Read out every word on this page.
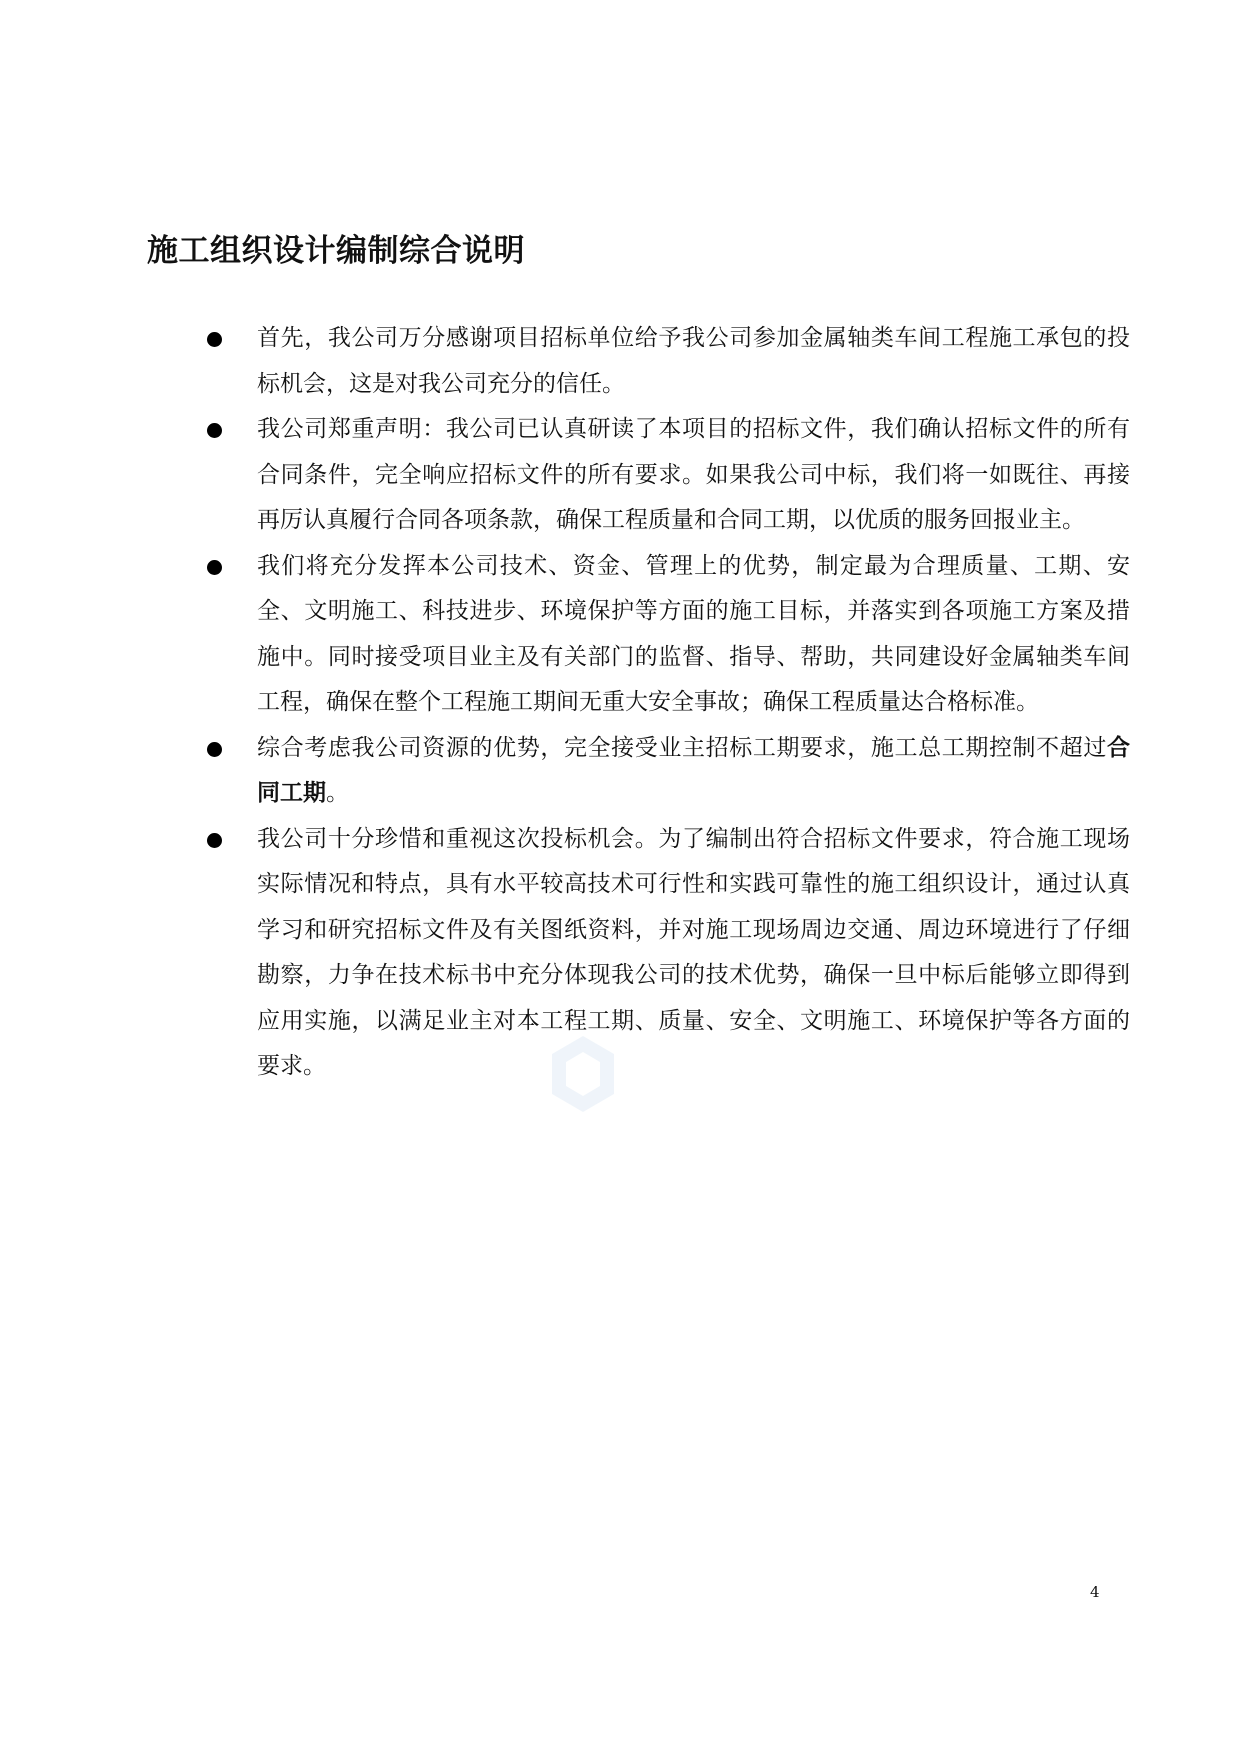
施工组织设计编制综合说明
首先，我公司万分感谢项目招标单位给予我公司参加金属轴类车间工程施工承包的投标机会，这是对我公司充分的信任。
我公司郑重声明：我公司已认真研读了本项目的招标文件，我们确认招标文件的所有合同条件，完全响应招标文件的所有要求。如果我公司中标，我们将一如既往、再接再厉认真履行合同各项条款，确保工程质量和合同工期，以优质的服务回报业主。
我们将充分发挥本公司技术、资金、管理上的优势，制定最为合理质量、工期、安全、文明施工、科技进步、环境保护等方面的施工目标，并落实到各项施工方案及措施中。同时接受项目业主及有关部门的监督、指导、帮助，共同建设好金属轴类车间工程，确保在整个工程施工期间无重大安全事故；确保工程质量达合格标准。
综合考虑我公司资源的优势，完全接受业主招标工期要求，施工总工期控制不超过合同工期。
我公司十分珍惜和重视这次投标机会。为了编制出符合招标文件要求，符合施工现场实际情况和特点，具有水平较高技术可行性和实践可靠性的施工组织设计，通过认真学习和研究招标文件及有关图纸资料，并对施工现场周边交通、周边环境进行了仔细勘察，力争在技术标书中充分体现我公司的技术优势，确保一旦中标后能够立即得到应用实施，以满足业主对本工程工期、质量、安全、文明施工、环境保护等各方面的要求。
4
